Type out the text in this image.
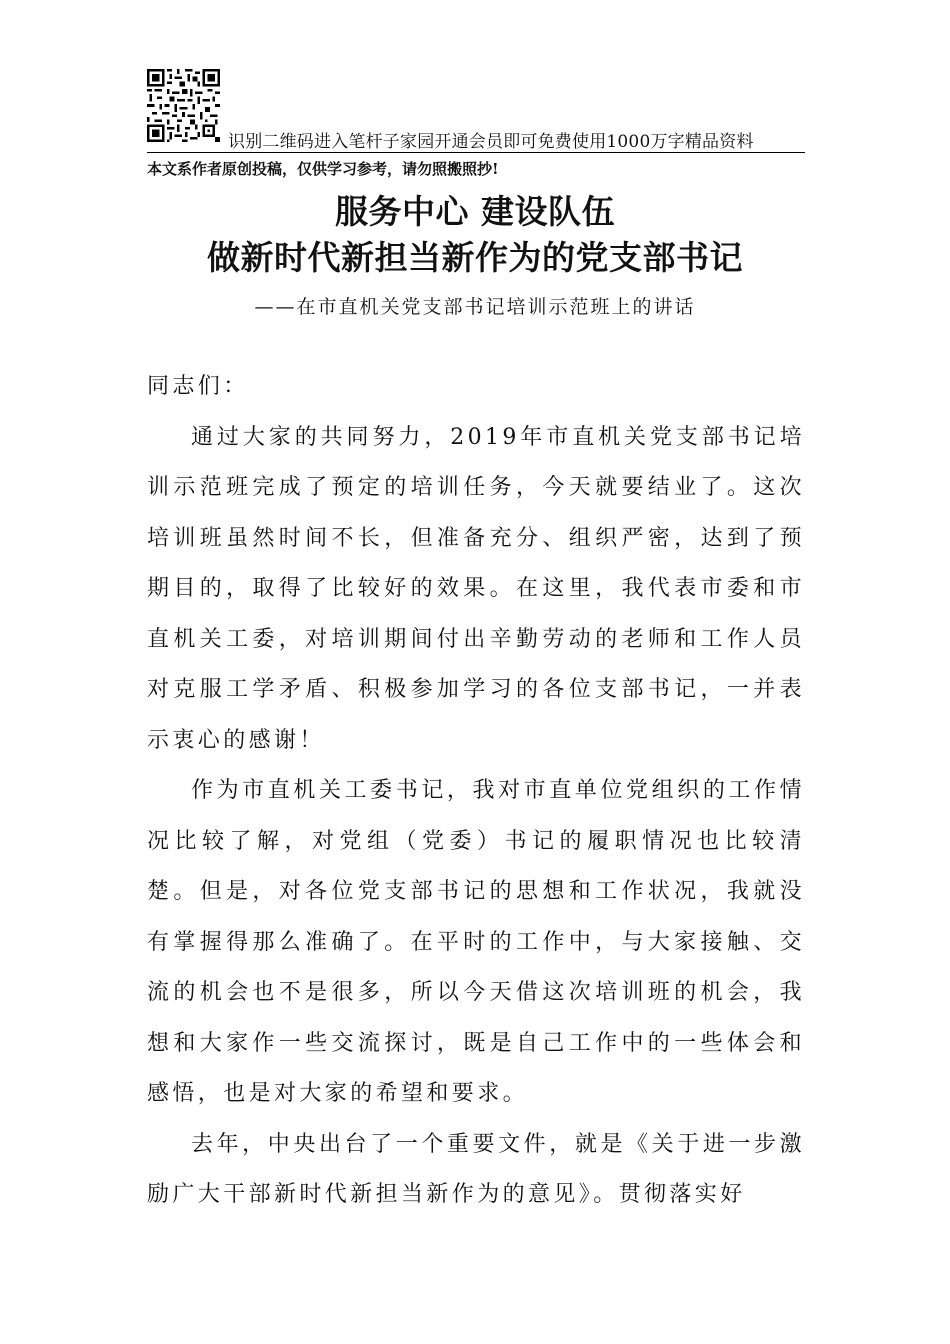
识别二维码进入笔杆子家园开通会员即可免费使用1000万字精品资料
本文系作者原创投稿，仅供学习参考，请勿照搬照抄!
服务中心 建设队伍
做新时代新担当新作为的党支部书记
——在市直机关党支部书记培训示范班上的讲话

同志们：

通过大家的共同努力，2019年市直机关党支部书记培训示范班完成了预定的培训任务，今天就要结业了。这次培训班虽然时间不长，但准备充分、组织严密，达到了预期目的，取得了比较好的效果。在这里，我代表市委和市直机关工委，对培训期间付出辛勤劳动的老师和工作人员对克服工学矛盾、积极参加学习的各位支部书记，一并表示衷心的感谢！

作为市直机关工委书记，我对市直单位党组织的工作情况比较了解，对党组（党委）书记的履职情况也比较清楚。但是，对各位党支部书记的思想和工作状况，我就没有掌握得那么准确了。在平时的工作中，与大家接触、交流的机会也不是很多，所以今天借这次培训班的机会，我想和大家作一些交流探讨，既是自己工作中的一些体会和感悟，也是对大家的希望和要求。

去年，中央出台了一个重要文件，就是《关于进一步激励广大干部新时代新担当新作为的意见》。贯彻落实好
